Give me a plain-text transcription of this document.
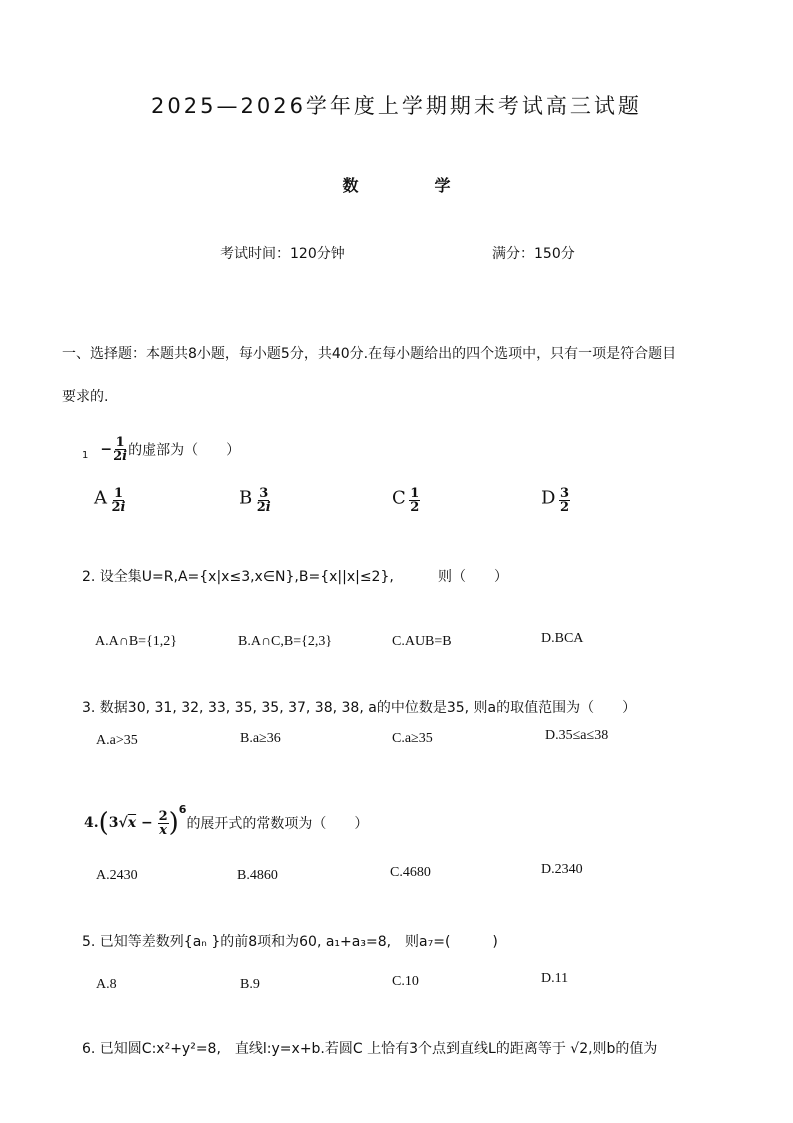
2025—2026学年度上学期期末考试高三试题
数	学
考试时间：120分钟	满分：150分
一、选择题：本题共8小题，每小题5分，共40分.在每小题给出的四个选项中，只有一项是符合题目
要求的.
$_1 - \frac{1}{2i}$ 的虚部为（　　）
A $\frac{1}{2i}$	B $\frac{3}{2i}$	C $\frac{1}{2}$	D $\frac{3}{2}$
2. 设全集U=R,A={x|x≤3,x∈N},B={x||x|≤2},	则（　　）
A.A∩B={1,2}	B.A∩C,B={2,3}	C.AUB=B	D.BCA
3. 数据30, 31, 32, 33, 35, 35, 37, 38, 38, a的中位数是35, 则a的取值范围为（　　）
A.a>35	B.a≥36	C.a≥35	D.35≤a≤38
$4.(3√x - \frac{2}{x} )^6$的展开式的常数项为（　　）
A.2430	B.4860	C.4680	D.2340
5. 已知等差数列{aₙ }的前8项和为60, a₁+a₃=8,　则a₇=(　　　)
A.8	B.9	C.10	D.11
6. 已知圆C:x²+y²=8,　直线l:y=x+b.若圆C 上恰有3个点到直线L的距离等于 √2,则b的值为
